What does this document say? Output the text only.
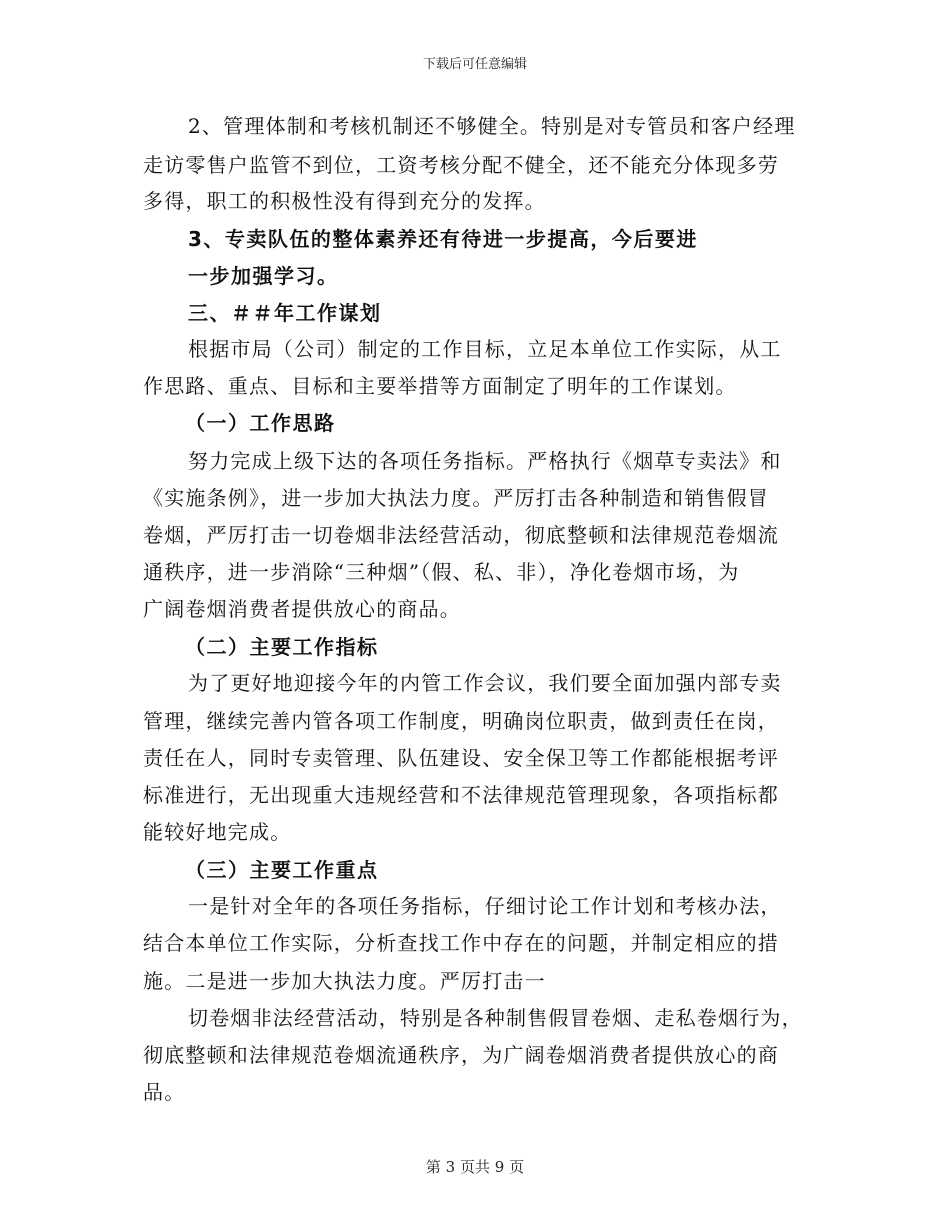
下载后可任意编辑
2、管理体制和考核机制还不够健全。特别是对专管员和客户经理
走访零售户监管不到位，工资考核分配不健全，还不能充分体现多劳
多得，职工的积极性没有得到充分的发挥。
3、专卖队伍的整体素养还有待进一步提高，今后要进
一步加强学习。
三、＃＃年工作谋划
根据市局（公司）制定的工作目标，立足本单位工作实际，从工
作思路、重点、目标和主要举措等方面制定了明年的工作谋划。
（一）工作思路
努力完成上级下达的各项任务指标。严格执行《烟草专卖法》和
《实施条例》，进一步加大执法力度。严厉打击各种制造和销售假冒
卷烟，严厉打击一切卷烟非法经营活动，彻底整顿和法律规范卷烟流
通秩序，进一步消除“三种烟”（假、私、非），净化卷烟市场，为
广阔卷烟消费者提供放心的商品。
（二）主要工作指标
为了更好地迎接今年的内管工作会议，我们要全面加强内部专卖
管理，继续完善内管各项工作制度，明确岗位职责，做到责任在岗，
责任在人，同时专卖管理、队伍建设、安全保卫等工作都能根据考评
标准进行，无出现重大违规经营和不法律规范管理现象，各项指标都
能较好地完成。
（三）主要工作重点
一是针对全年的各项任务指标，仔细讨论工作计划和考核办法，
结合本单位工作实际，分析查找工作中存在的问题，并制定相应的措
施。二是进一步加大执法力度。严厉打击一
切卷烟非法经营活动，特别是各种制售假冒卷烟、走私卷烟行为，
彻底整顿和法律规范卷烟流通秩序，为广阔卷烟消费者提供放心的商
品。
第 3 页共 9 页
